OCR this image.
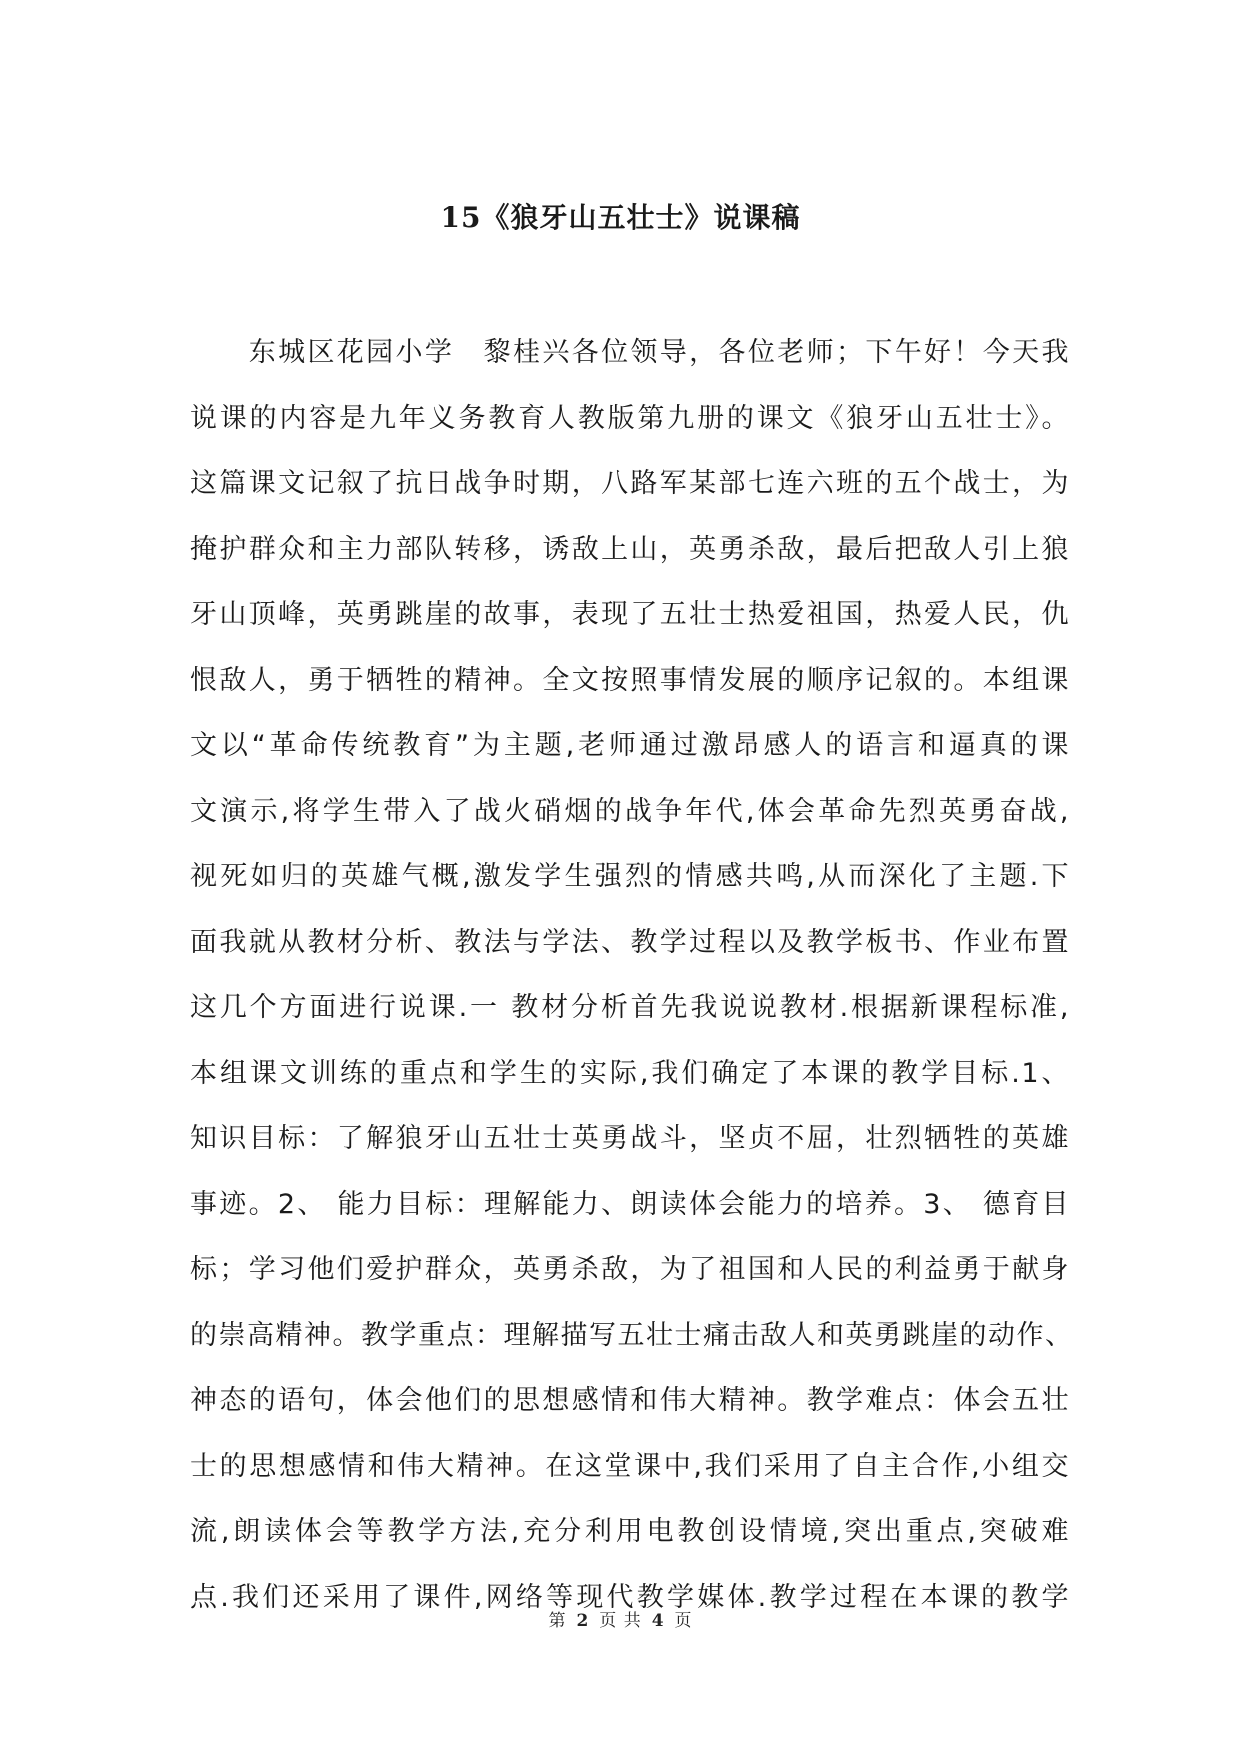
15《狼牙山五壮士》说课稿
　　东城区花园小学　黎桂兴各位领导，各位老师；下午好！今天我
说课的内容是九年义务教育人教版第九册的课文《狼牙山五壮士》。
这篇课文记叙了抗日战争时期，八路军某部七连六班的五个战士，为
掩护群众和主力部队转移，诱敌上山，英勇杀敌，最后把敌人引上狼
牙山顶峰，英勇跳崖的故事，表现了五壮士热爱祖国，热爱人民，仇
恨敌人，勇于牺牲的精神。全文按照事情发展的顺序记叙的。本组课
文以“革命传统教育”为主题,老师通过激昂感人的语言和逼真的课
文演示,将学生带入了战火硝烟的战争年代,体会革命先烈英勇奋战,
视死如归的英雄气概,激发学生强烈的情感共鸣,从而深化了主题.下
面我就从教材分析、教法与学法、教学过程以及教学板书、作业布置
这几个方面进行说课.一 教材分析首先我说说教材.根据新课程标准,
本组课文训练的重点和学生的实际,我们确定了本课的教学目标.1、
知识目标：了解狼牙山五壮士英勇战斗，坚贞不屈，壮烈牺牲的英雄
事迹。2、 能力目标：理解能力、朗读体会能力的培养。3、 德育目
标；学习他们爱护群众，英勇杀敌，为了祖国和人民的利益勇于献身
的崇高精神。教学重点：理解描写五壮士痛击敌人和英勇跳崖的动作、
神态的语句，体会他们的思想感情和伟大精神。教学难点：体会五壮
士的思想感情和伟大精神。在这堂课中,我们采用了自主合作,小组交
流,朗读体会等教学方法,充分利用电教创设情境,突出重点,突破难
点.我们还采用了课件,网络等现代教学媒体.教学过程在本课的教学
第 2 页 共 4 页
